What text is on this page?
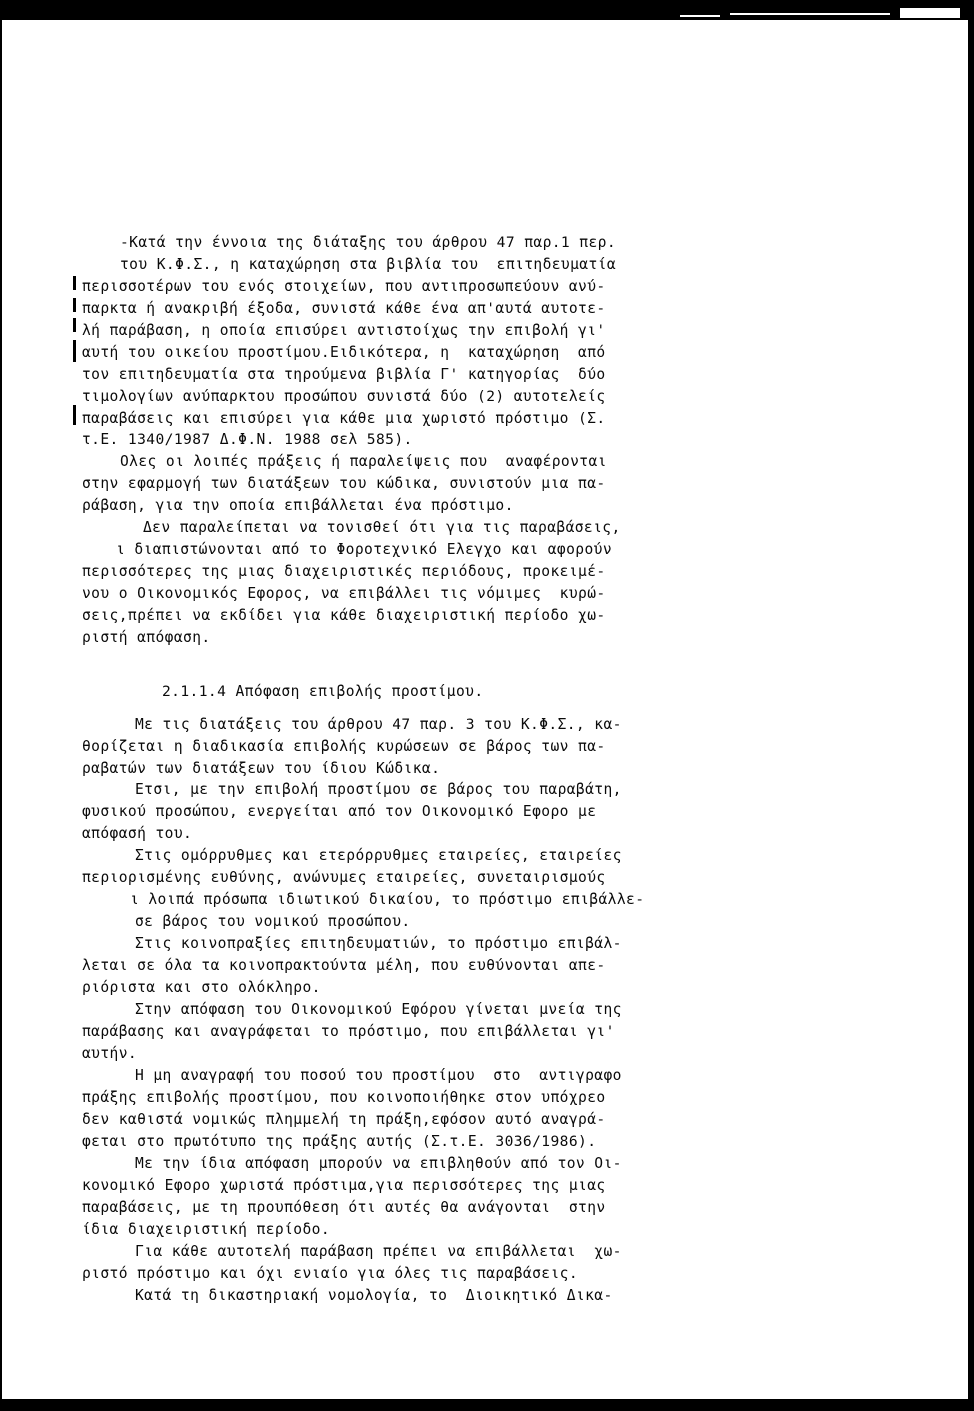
-Κατά την έννοια της διάταξης του άρθρου 47 παρ.1 περ.
του Κ.Φ.Σ., η καταχώρηση στα βιβλία του  επιτηδευματία
περισσοτέρων του ενός στοιχείων, που αντιπροσωπεύουν ανύ-
παρκτα ή ανακριβή έξοδα, συνιστά κάθε ένα απ'αυτά αυτοτε-
λή παράβαση, η οποία επισύρει αντιστοίχως την επιβολή γι'
αυτή του οικείου προστίμου.Ειδικότερα, η  καταχώρηση  από
τον επιτηδευματία στα τηρούμενα βιβλία Γ' κατηγορίας  δύο
τιμολογίων ανύπαρκτου προσώπου συνιστά δύο (2) αυτοτελείς
παραβάσεις και επισύρει για κάθε μια χωριστό πρόστιμο (Σ.
τ.Ε. 1340/1987 Δ.Φ.Ν. 1988 σελ 585).
Ολες οι λοιπές πράξεις ή παραλείψεις που  αναφέρονται
στην εφαρμογή των διατάξεων του κώδικα, συνιστούν μια πα-
ράβαση, για την οποία επιβάλλεται ένα πρόστιμο.
Δεν παραλείπεται να τονισθεί ότι για τις παραβάσεις,
ι διαπιστώνονται από το Φοροτεχνικό Ελεγχο και αφορούν
περισσότερες της μιας διαχειριστικές περιόδους, προκειμέ-
νου ο Οικονομικός Εφορος, να επιβάλλει τις νόμιμες  κυρώ-
σεις,πρέπει να εκδίδει για κάθε διαχειριστική περίοδο χω-
ριστή απόφαση.
2.1.1.4 Απόφαση επιβολής προστίμου.
Με τις διατάξεις του άρθρου 47 παρ. 3 του Κ.Φ.Σ., κα-
θορίζεται η διαδικασία επιβολής κυρώσεων σε βάρος των πα-
ραβατών των διατάξεων του ίδιου Κώδικα.
Ετσι, με την επιβολή προστίμου σε βάρος του παραβάτη,
φυσικού προσώπου, ενεργείται από τον Οικονομικό Εφορο με
απόφασή του.
Στις ομόρρυθμες και ετερόρρυθμες εταιρείες, εταιρείες
περιορισμένης ευθύνης, ανώνυμες εταιρείες, συνεταιρισμούς
ι λοιπά πρόσωπα ιδιωτικού δικαίου, το πρόστιμο επιβάλλε-
σε βάρος του νομικού προσώπου.
Στις κοινοπραξίες επιτηδευματιών, το πρόστιμο επιβάλ-
λεται σε όλα τα κοινοπρακτούντα μέλη, που ευθύνονται απε-
ριόριστα και στο ολόκληρο.
Στην απόφαση του Οικονομικού Εφόρου γίνεται μνεία της
παράβασης και αναγράφεται το πρόστιμο, που επιβάλλεται γι'
αυτήν.
Η μη αναγραφή του ποσού του προστίμου  στο  αντιγραφο
πράξης επιβολής προστίμου, που κοινοποιήθηκε στον υπόχρεο
δεν καθιστά νομικώς πλημμελή τη πράξη,εφόσον αυτό αναγρά-
φεται στο πρωτότυπο της πράξης αυτής (Σ.τ.Ε. 3036/1986).
Με την ίδια απόφαση μπορούν να επιβληθούν από τον Οι-
κονομικό Εφορο χωριστά πρόστιμα,για περισσότερες της μιας
παραβάσεις, με τη προυπόθεση ότι αυτές θα ανάγονται  στην
ίδια διαχειριστική περίοδο.
Για κάθε αυτοτελή παράβαση πρέπει να επιβάλλεται  χω-
ριστό πρόστιμο και όχι ενιαίο για όλες τις παραβάσεις.
Κατά τη δικαστηριακή νομολογία, το  Διοικητικό Δικα-
